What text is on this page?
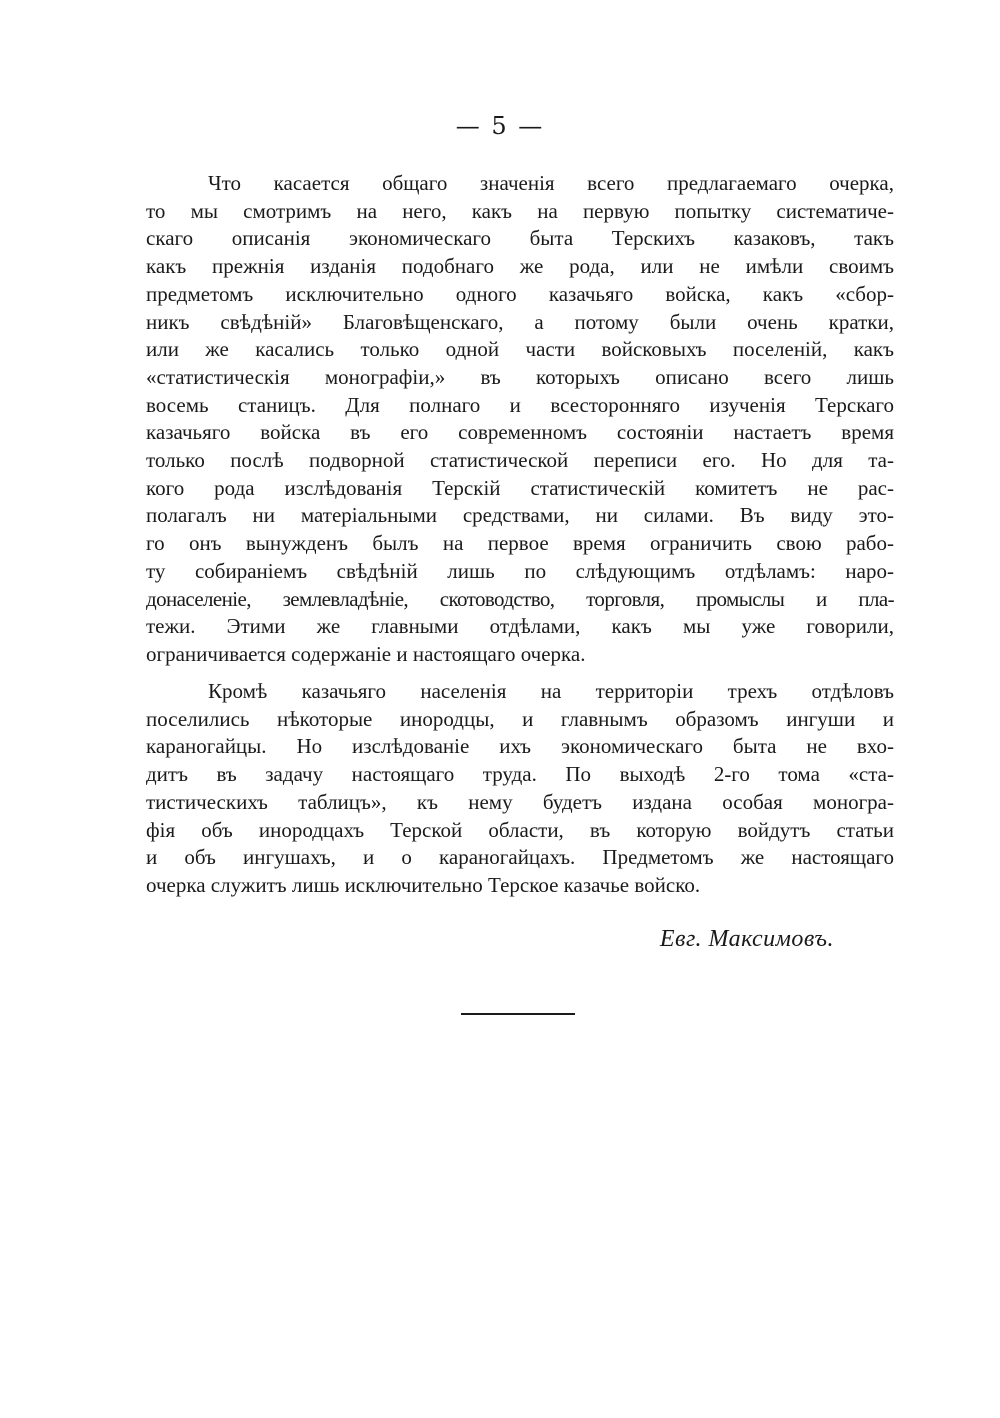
— 5 —
Что касается общаго значенія всего предлагаемаго очерка,
то мы смотримъ на него, какъ на первую попытку систематиче-
скаго описанія экономическаго быта Терскихъ казаковъ, такъ
какъ прежнія изданія подобнаго же рода, или не имѣли своимъ
предметомъ исключительно одного казачьяго войска, какъ «сбор-
никъ свѣдѣній» Благовѣщенскаго, а потому были очень кратки,
или же касались только одной части войсковыхъ поселеній, какъ
«статистическія монографіи,» въ которыхъ описано всего лишь
восемь станицъ. Для полнаго и всесторонняго изученія Терскаго
казачьяго войска въ его современномъ состояніи настаетъ время
только послѣ подворной статистической переписи его. Но для та-
кого рода изслѣдованія Терскій статистическій комитетъ не рас-
полагалъ ни матеріальными средствами, ни силами. Въ виду это-
го онъ вынужденъ былъ на первое время ограничить свою рабо-
ту собираніемъ свѣдѣній лишь по слѣдующимъ отдѣламъ: наро-
донаселеніе, землевладѣніе, скотоводство, торговля, промыслы и пла-
тежи. Этими же главными отдѣлами, какъ мы уже говорили,
ограничивается содержаніе и настоящаго очерка.
Кромѣ казачьяго населенія на территоріи трехъ отдѣловъ
поселились нѣкоторые инородцы, и главнымъ образомъ ингуши и
караногайцы. Но изслѣдованіе ихъ экономическаго быта не вхо-
дитъ въ задачу настоящаго труда. По выходѣ 2-го тома «ста-
тистическихъ таблицъ», къ нему будетъ издана особая моногра-
фія объ инородцахъ Терской области, въ которую войдутъ статьи
и объ ингушахъ, и о караногайцахъ. Предметомъ же настоящаго
очерка служитъ лишь исключительно Терское казачье войско.
Евг. Максимовъ.
